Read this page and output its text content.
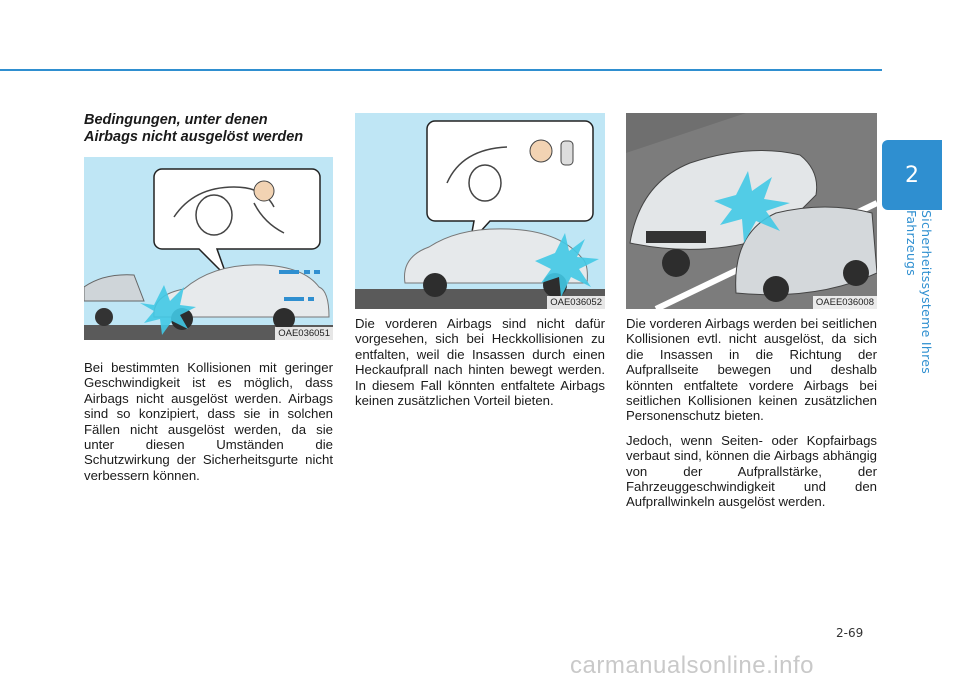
2
Sicherheitssysteme Ihres Fahrzeugs
Bedingungen, unter denen
Airbags nicht ausgelöst werden
OAE036051
OAE036052	OAEE036008

Bei bestimmten Kollisionen mit geringer Geschwindigkeit ist es möglich, dass Airbags nicht ausgelöst werden. Airbags sind so konzipiert, dass sie in solchen Fällen nicht ausgelöst werden, da sie unter diesen Umständen die Schutzwirkung der Sicherheitsgurte nicht verbessern können.

Die vorderen Airbags sind nicht dafür vorgesehen, sich bei Heckkollisionen zu entfalten, weil die Insassen durch einen Heckaufprall nach hinten bewegt werden. In diesem Fall könnten entfaltete Airbags keinen zusätzlichen Vorteil bieten.

Die vorderen Airbags werden bei seitlichen Kollisionen evtl. nicht ausgelöst, da sich die Insassen in die Richtung der Aufprallseite bewegen und deshalb könnten entfaltete vordere Airbags bei seitlichen Kollisionen keinen zusätzlichen Personenschutz bieten.

Jedoch, wenn Seiten- oder Kopfairbags verbaut sind, können die Airbags abhängig von der Aufprallstärke, der Fahrzeuggeschwindigkeit und den Aufprallwinkeln ausgelöst werden.

2-69
carmanualsonline.info
